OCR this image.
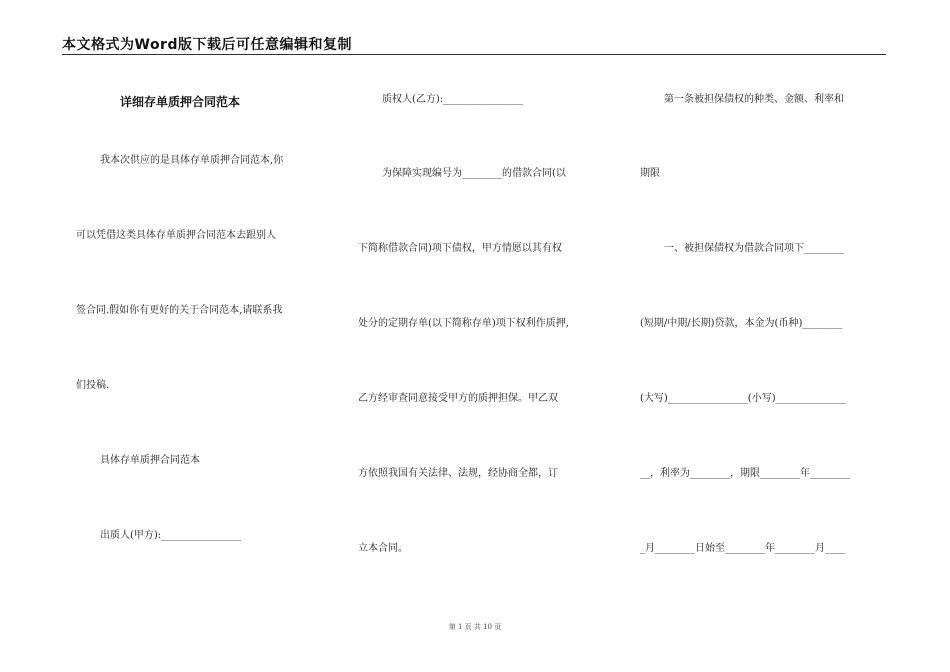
本文格式为Word版下载后可任意编辑和复制
详细存单质押合同范本
我本次供应的是具体存单质押合同范本,你
可以凭借这类具体存单质押合同范本去跟别人
签合同.假如你有更好的关于合同范本,请联系我
们投稿.
具体存单质押合同范本
出质人(甲方):________________
质权人(乙方):________________
为保障实现编号为________的借款合同(以
下简称借款合同)项下债权，甲方情愿以其有权
处分的定期存单(以下简称存单)项下权利作质押,
乙方经审查同意接受甲方的质押担保。甲乙双
方依照我国有关法律、法规，经协商全都，订
立本合同。
第一条被担保债权的种类、金额、利率和
期限
一、被担保债权为借款合同项下________
(短期/中期/长期)贷款，本金为(币种)________
(大写)________________(小写)______________
__，利率为________，期限________年________
_月________日始至________年________月____
第 1 页 共 10 页
